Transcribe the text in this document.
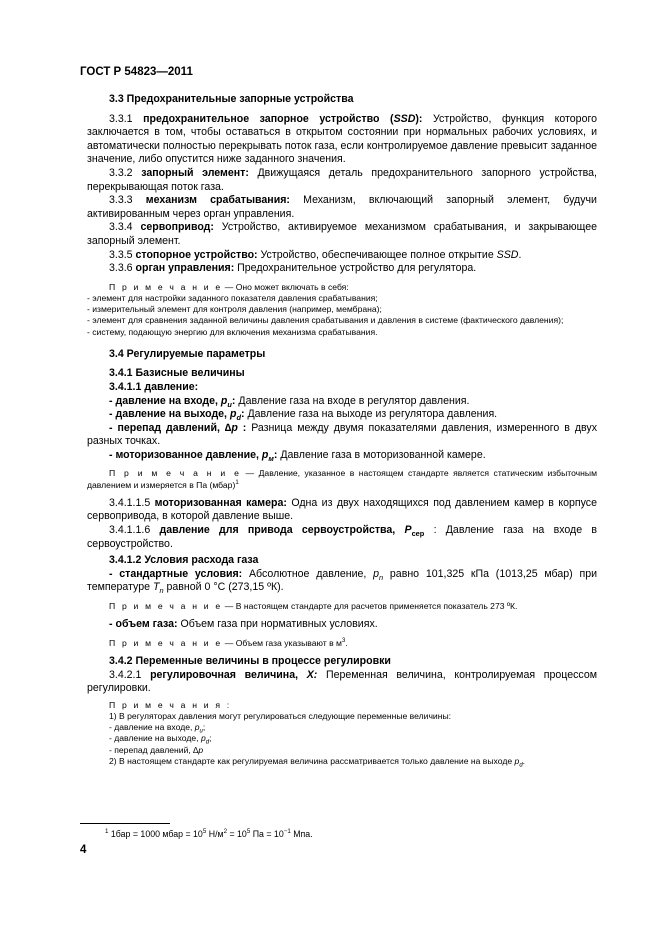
ГОСТ Р 54823—2011

3.3 Предохранительные запорные устройства

3.3.1 предохранительное запорное устройство (SSD): Устройство, функция которого заключается в том, чтобы оставаться в открытом состоянии при нормальных рабочих условиях, и автоматически полностью перекрывать поток газа, если контролируемое давление превысит заданное значение, либо опустится ниже заданного значения.

3.3.2 запорный элемент: Движущаяся деталь предохранительного запорного устройства, перекрывающая поток газа.

3.3.3 механизм срабатывания: Механизм, включающий запорный элемент, будучи активированным через орган управления.

3.3.4 сервопривод: Устройство, активируемое механизмом срабатывания, и закрывающее запорный элемент.

3.3.5 стопорное устройство: Устройство, обеспечивающее полное открытие SSD.

3.3.6 орган управления: Предохранительное устройство для регулятора.

П р и м е ч а н и е — Оно может включать в себя:

- элемент для настройки заданного показателя давления срабатывания;

- измерительный элемент для контроля давления (например, мембрана);

- элемент для сравнения заданной величины давления срабатывания и давления в системе (фактического давления);

- систему, подающую энергию для включения механизма срабатывания.

3.4 Регулируемые параметры

3.4.1 Базисные величины

3.4.1.1 давление:

- давление на входе, $p_u$: Давление газа на входе в регулятор давления.

- давление на выходе, $p_d$: Давление газа на выходе из регулятора давления.

- перепад давлений, ∆p : Разница между двумя показателями давления, измеренного в двух разных точках.

- моторизованное давление, $p_м$: Давление газа в моторизованной камере.

П р и м е ч а н и е — Давление, указанное в настоящем стандарте является статическим избыточным давлением и измеряется в Па (мбар)$^1$

3.4.1.1.5 моторизованная камера: Одна из двух находящихся под давлением камер в корпусе сервопривода, в которой давление выше.

3.4.1.1.6 давление для привода сервоустройства, $P_{сер}$ : Давление газа на входе в сервоустройство.

3.4.1.2 Условия расхода газа

- стандартные условия: Абсолютное давление, $p_n$ равно 101,325 кПа (1013,25 мбар) при температуре $T_n$ равной 0 °С (273,15 ºК).

П р и м е ч а н и е — В настоящем стандарте для расчетов применяется показатель 273 ºК.

- объем газа: Объем газа при нормативных условиях.

П р и м е ч а н и е — Объем газа указывают в $м^3$.

3.4.2 Переменные величины в процессе регулировки

3.4.2.1 регулировочная величина, X: Переменная величина, контролируемая процессом регулировки.

П р и м е ч а н и я :

1) В регуляторах давления могут регулироваться следующие переменные величины:

- давление на входе, $p_u$;

- давление на выходе, $p_d$;

- перепад давлений, ∆p

2) В настоящем стандарте как регулируемая величина рассматривается только давление на выходе $p_d$.

$^1$ 1бар = 1000 мбар = $10^5$ $Н/м^2 = 10^5$ Па = $10^{-1}$ Мпа.
4
